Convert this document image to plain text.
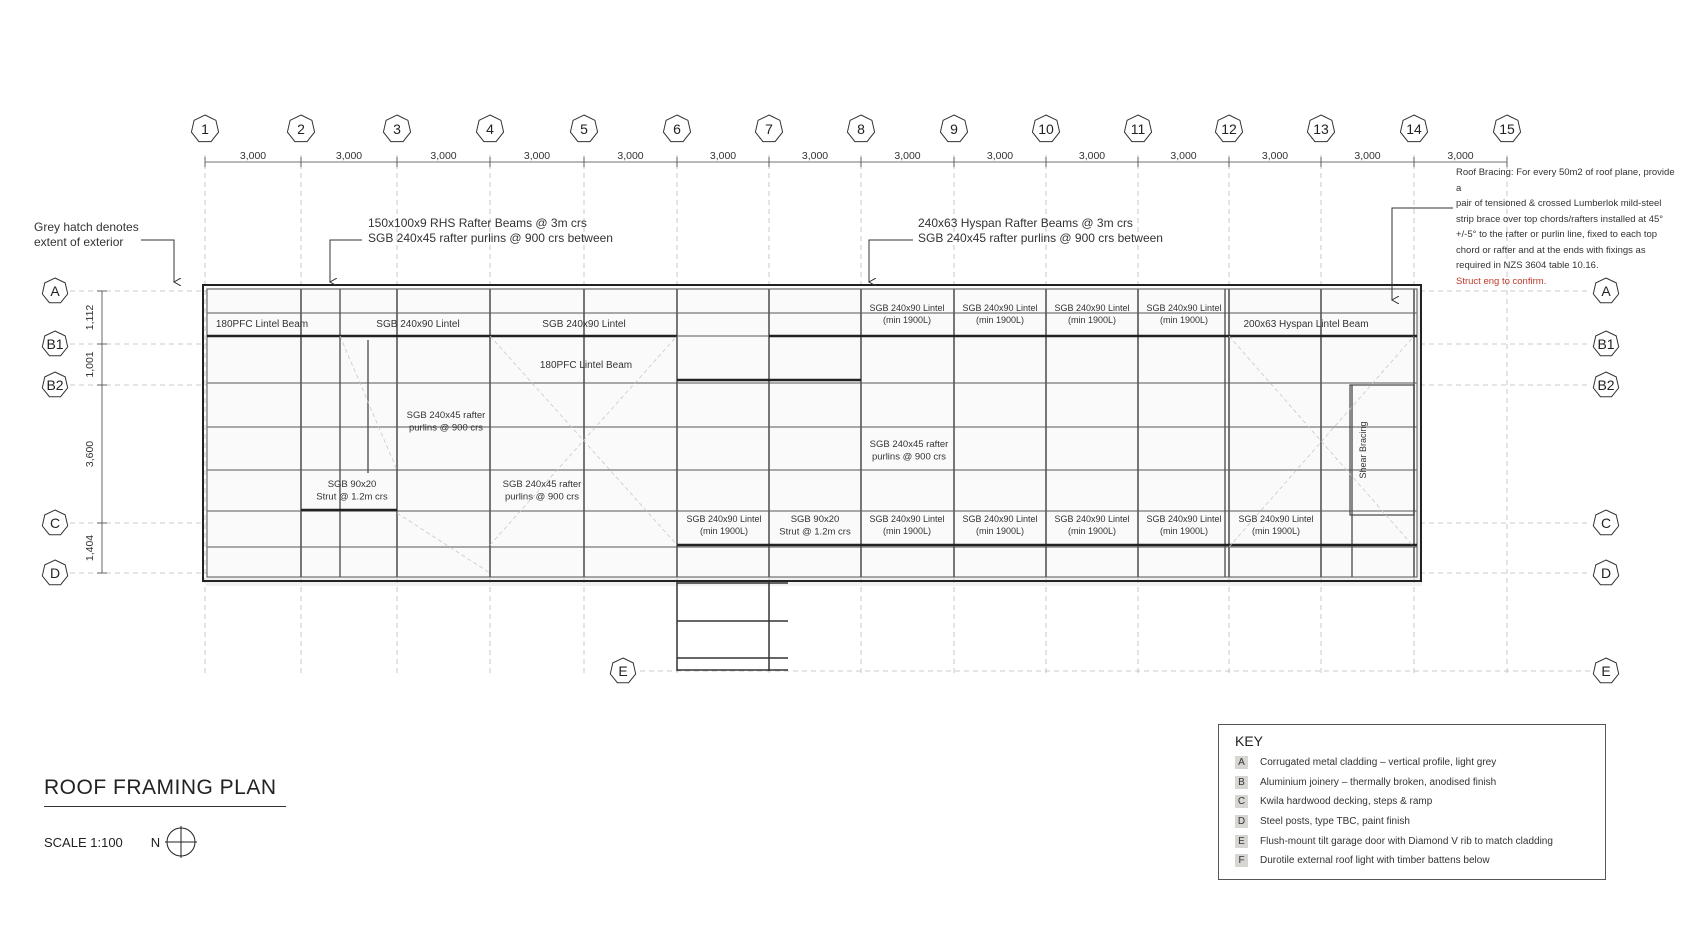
3,000	3,000	3,000	3,000	3,000	3,000	3,000	3,000	3,000	3,000	3,000	3,000	3,000	3,000
1,112
1,001
3,600
1,404
180PFC Lintel Beam	SGB 240x90 Lintel	SGB 240x90 Lintel	200x63 Hyspan Lintel Beam
SGB 240x90 Lintel (min 1900L)
SGB 240x90 Lintel (min 1900L)
SGB 240x90 Lintel (min 1900L)
SGB 240x90 Lintel (min 1900L)
180PFC Lintel Beam
SGB 240x45 rafter purlins @ 900 crs
SGB 240x45 rafter purlins @ 900 crs
SGB 240x45 rafter purlins @ 900 crs
SGB 90x20 Strut @ 1.2m crs
SGB 90x20 Strut @ 1.2m crs
SGB 240x90 Lintel (min 1900L)
SGB 240x90 Lintel (min 1900L)
SGB 240x90 Lintel (min 1900L)
SGB 240x90 Lintel (min 1900L)
SGB 240x90 Lintel (min 1900L)
SGB 240x90 Lintel (min 1900L)
Shear Bracing
1	2	3	4	5	6	7	8	9	10	11	12	13	14	15
A	A
B1	B1
B2	B2
C	C
D	D
E	E
Grey hatch denotes
extent of exterior
150x100x9 RHS Rafter Beams @ 3m crs
SGB 240x45 rafter purlins @ 900 crs between
240x63 Hyspan Rafter Beams @ 3m crs
SGB 240x45 rafter purlins @ 900 crs between
Roof Bracing: For every 50m2 of roof plane, provide a
pair of tensioned & crossed Lumberlok mild-steel
strip brace over top chords/rafters installed at 45°
+/-5° to the rafter or purlin line, fixed to each top
chord or rafter and at the ends with fixings as
required in NZS 3604 table 10.16.
Struct eng to confirm.
ROOF FRAMING PLAN
SCALE 1:100 N
KEY
A	Corrugated metal cladding – vertical profile, light grey
B	Aluminium joinery – thermally broken, anodised finish
C Kwila hardwood decking, steps & ramp
D Steel posts, type TBC, paint finish
E	Flush-mount tilt garage door with Diamond V rib to match cladding
F	Durotile external roof light with timber battens below
